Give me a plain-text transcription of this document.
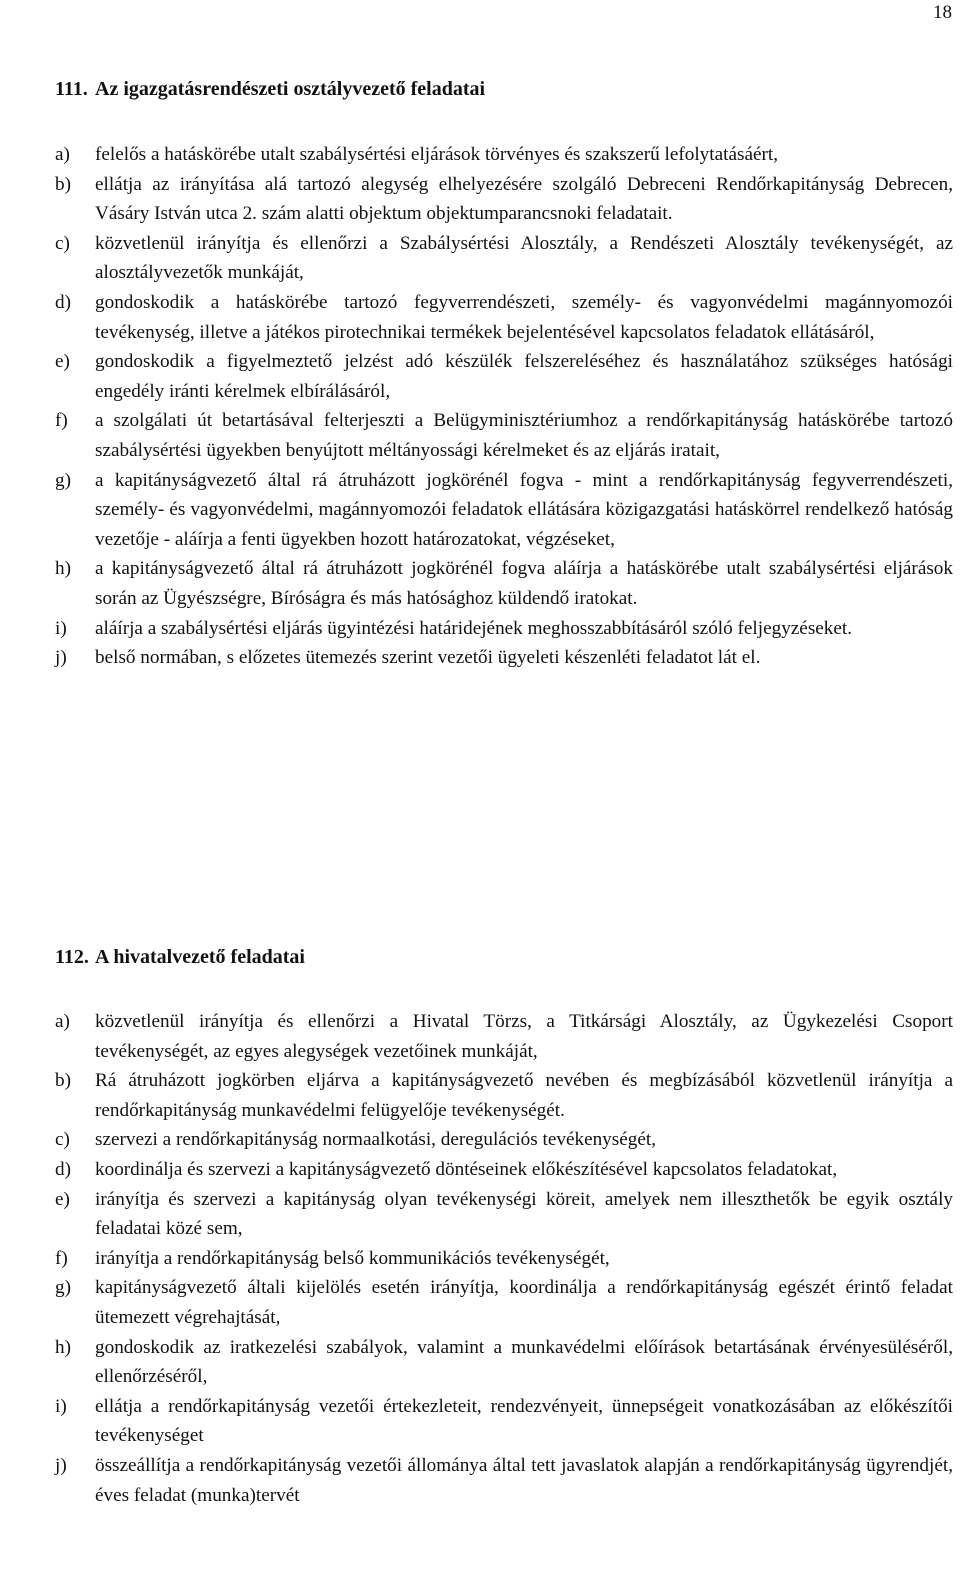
18
111. Az igazgatásrendészeti osztályvezető feladatai
a)	felelős a hatáskörébe utalt szabálysértési eljárások törvényes és szakszerű lefolytatásáért,
b)	ellátja az irányítása alá tartozó alegység elhelyezésére szolgáló Debreceni Rendőrkapitányság Debrecen, Vásáry István utca 2. szám alatti objektum objektumparancsnoki feladatait.
c)	közvetlenül irányítja és ellenőrzi a Szabálysértési Alosztály, a Rendészeti Alosztály tevékenységét, az alosztályvezetők munkáját,
d)	gondoskodik a hatáskörébe tartozó fegyverrendészeti, személy- és vagyonvédelmi magánnyomozói tevékenység, illetve a játékos pirotechnikai termékek bejelentésével kapcsolatos feladatok ellátásáról,
e)	gondoskodik a figyelmeztető jelzést adó készülék felszereléséhez és használatához szükséges hatósági engedély iránti kérelmek elbírálásáról,
f)	a szolgálati út betartásával felterjeszti a Belügyminisztériumhoz a rendőrkapitányság hatáskörébe tartozó szabálysértési ügyekben benyújtott méltányossági kérelmeket és az eljárás iratait,
g)	a kapitányságvezető által rá átruházott jogkörénél fogva - mint a rendőrkapitányság fegyverrendészeti, személy- és vagyonvédelmi, magánnyomozói feladatok ellátására közigazgatási hatáskörrel rendelkező hatóság vezetője - aláírja a fenti ügyekben hozott határozatokat, végzéseket,
h)	a kapitányságvezető által rá átruházott jogkörénél fogva aláírja a hatáskörébe utalt szabálysértési eljárások során az Ügyészségre, Bíróságra és más hatósághoz küldendő iratokat.
i)	aláírja a szabálysértési eljárás ügyintézési határidejének meghosszabbításáról szóló feljegyzéseket.
j)	belső normában, s előzetes ütemezés szerint vezetői ügyeleti készenléti feladatot lát el.
112. A hivatalvezető feladatai
a)	közvetlenül irányítja és ellenőrzi a Hivatal Törzs, a Titkársági Alosztály, az Ügykezelési Csoport tevékenységét, az egyes alegységek vezetőinek munkáját,
b)	Rá átruházott jogkörben eljárva a kapitányságvezető nevében és megbízásából közvetlenül irányítja a rendőrkapitányság munkavédelmi felügyelője tevékenységét.
c)	szervezi a rendőrkapitányság normaalkotási, deregulációs tevékenységét,
d)	koordinálja és szervezi a kapitányságvezető döntéseinek előkészítésével kapcsolatos feladatokat,
e)	irányítja és szervezi a kapitányság olyan tevékenységi köreit, amelyek nem illeszthetők be egyik osztály feladatai közé sem,
f)	irányítja a rendőrkapitányság belső kommunikációs tevékenységét,
g)	kapitányságvezető általi kijelölés esetén irányítja, koordinálja a rendőrkapitányság egészét érintő feladat ütemezett végrehajtását,
h)	gondoskodik az iratkezelési szabályok, valamint a munkavédelmi előírások betartásának érvényesüléséről, ellenőrzéséről,
i)	ellátja a rendőrkapitányság vezetői értekezleteit, rendezvényeit, ünnepségeit vonatkozásában az előkészítői tevékenységet
j)	összeállítja a rendőrkapitányság vezetői állománya által tett javaslatok alapján a rendőrkapitányság ügyrendjét, éves feladat (munka)tervét
